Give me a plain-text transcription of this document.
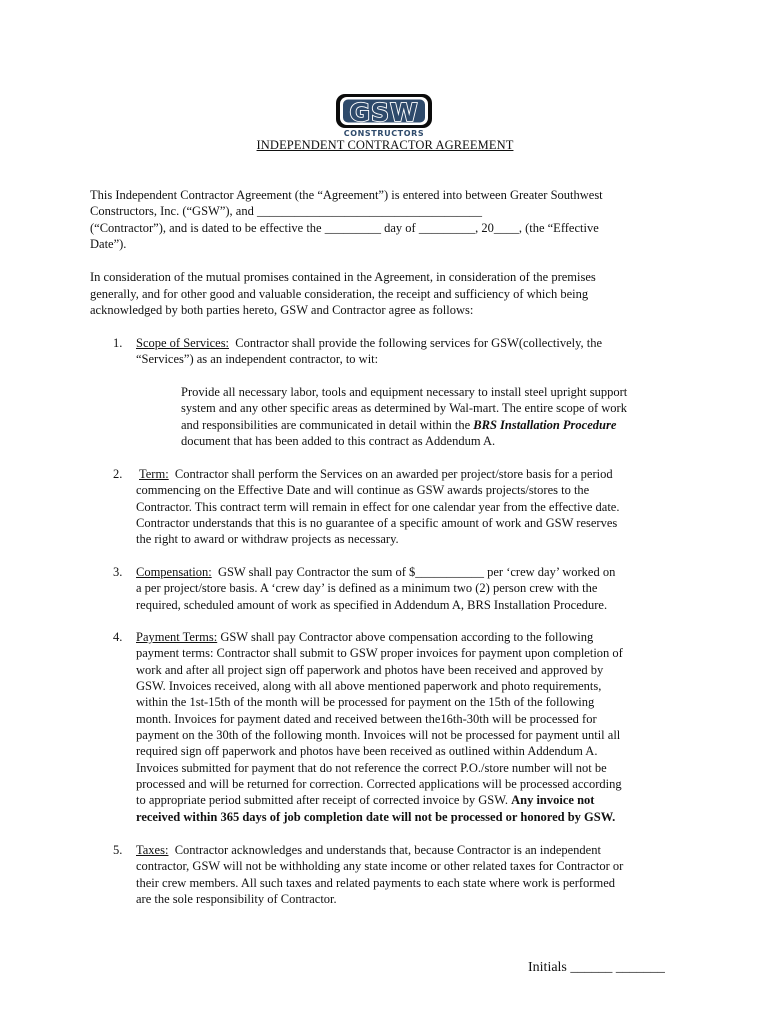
GSW
CONSTRUCTORS
INDEPENDENT CONTRACTOR AGREEMENT
This Independent Contractor Agreement (the “Agreement”) is entered into between Greater Southwest
Constructors, Inc. (“GSW”), and ____________________________________
(“Contractor”), and is dated to be effective the _________ day of _________, 20____, (the “Effective
Date”).
In consideration of the mutual promises contained in the Agreement, in consideration of the premises
generally, and for other good and valuable consideration, the receipt and sufficiency of which being
acknowledged by both parties hereto, GSW and Contractor agree as follows:
1. Scope of Services:  Contractor shall provide the following services for GSW(collectively, the
“Services”) as an independent contractor, to wit:
Provide all necessary labor, tools and equipment necessary to install steel upright support
system and any other specific areas as determined by Wal-mart. The entire scope of work
and responsibilities are communicated in detail within the BRS Installation Procedure
document that has been added to this contract as Addendum A.
2. Term:  Contractor shall perform the Services on an awarded per project/store basis for a period
commencing on the Effective Date and will continue as GSW awards projects/stores to the
Contractor. This contract term will remain in effect for one calendar year from the effective date.
Contractor understands that this is no guarantee of a specific amount of work and GSW reserves
the right to award or withdraw projects as necessary.
3. Compensation:  GSW shall pay Contractor the sum of $___________ per ‘crew day’ worked on
a per project/store basis. A ‘crew day’ is defined as a minimum two (2) person crew with the
required, scheduled amount of work as specified in Addendum A, BRS Installation Procedure.
4. Payment Terms: GSW shall pay Contractor above compensation according to the following
payment terms: Contractor shall submit to GSW proper invoices for payment upon completion of
work and after all project sign off paperwork and photos have been received and approved by
GSW. Invoices received, along with all above mentioned paperwork and photo requirements,
within the 1st-15th of the month will be processed for payment on the 15th of the following
month. Invoices for payment dated and received between the16th-30th will be processed for
payment on the 30th of the following month. Invoices will not be processed for payment until all
required sign off paperwork and photos have been received as outlined within Addendum A.
Invoices submitted for payment that do not reference the correct P.O./store number will not be
processed and will be returned for correction. Corrected applications will be processed according
to appropriate period submitted after receipt of corrected invoice by GSW. Any invoice not
received within 365 days of job completion date will not be processed or honored by GSW.
5. Taxes:  Contractor acknowledges and understands that, because Contractor is an independent
contractor, GSW will not be withholding any state income or other related taxes for Contractor or
their crew members. All such taxes and related payments to each state where work is performed
are the sole responsibility of Contractor.
Initials ______ _______
